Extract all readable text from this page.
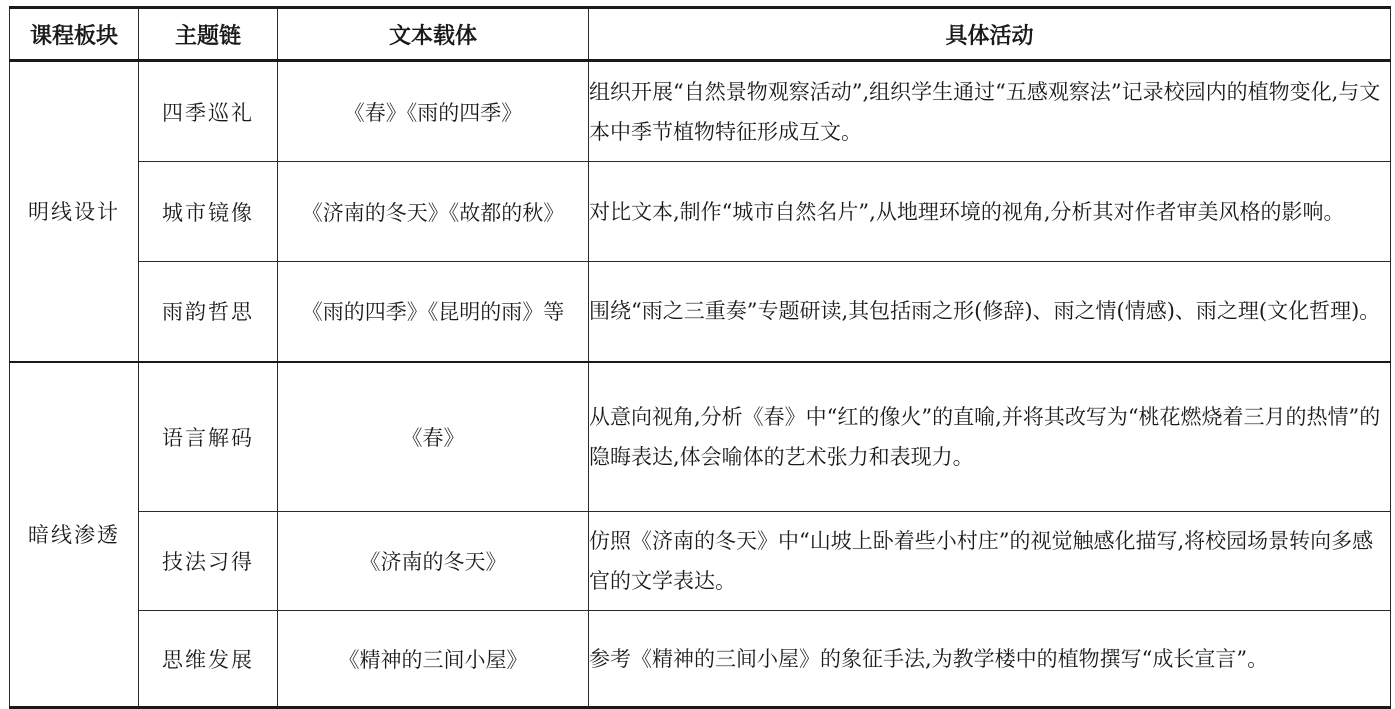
课程板块	主题链	文本载体	具体活动
明线设计	四季巡礼	《春》《雨的四季》	组织开展“自然景物观察活动”,组织学生通过“五感观察法”记录校园内的植物变化,与文本中季节植物特征形成互文。
	城市镜像	《济南的冬天》《故都的秋》	对比文本,制作“城市自然名片”,从地理环境的视角,分析其对作者审美风格的影响。
	雨韵哲思	《雨的四季》《昆明的雨》等	围绕“雨之三重奏”专题研读,其包括雨之形(修辞)、雨之情(情感)、雨之理(文化哲理)。
暗线渗透	语言解码	《春》	从意向视角,分析《春》中“红的像火”的直喻,并将其改写为“桃花燃烧着三月的热情”的隐晦表达,体会喻体的艺术张力和表现力。
	技法习得	《济南的冬天》	仿照《济南的冬天》中“山坡上卧着些小村庄”的视觉触感化描写,将校园场景转向多感官的文学表达。
	思维发展	《精神的三间小屋》	参考《精神的三间小屋》的象征手法,为教学楼中的植物撰写“成长宣言”。
